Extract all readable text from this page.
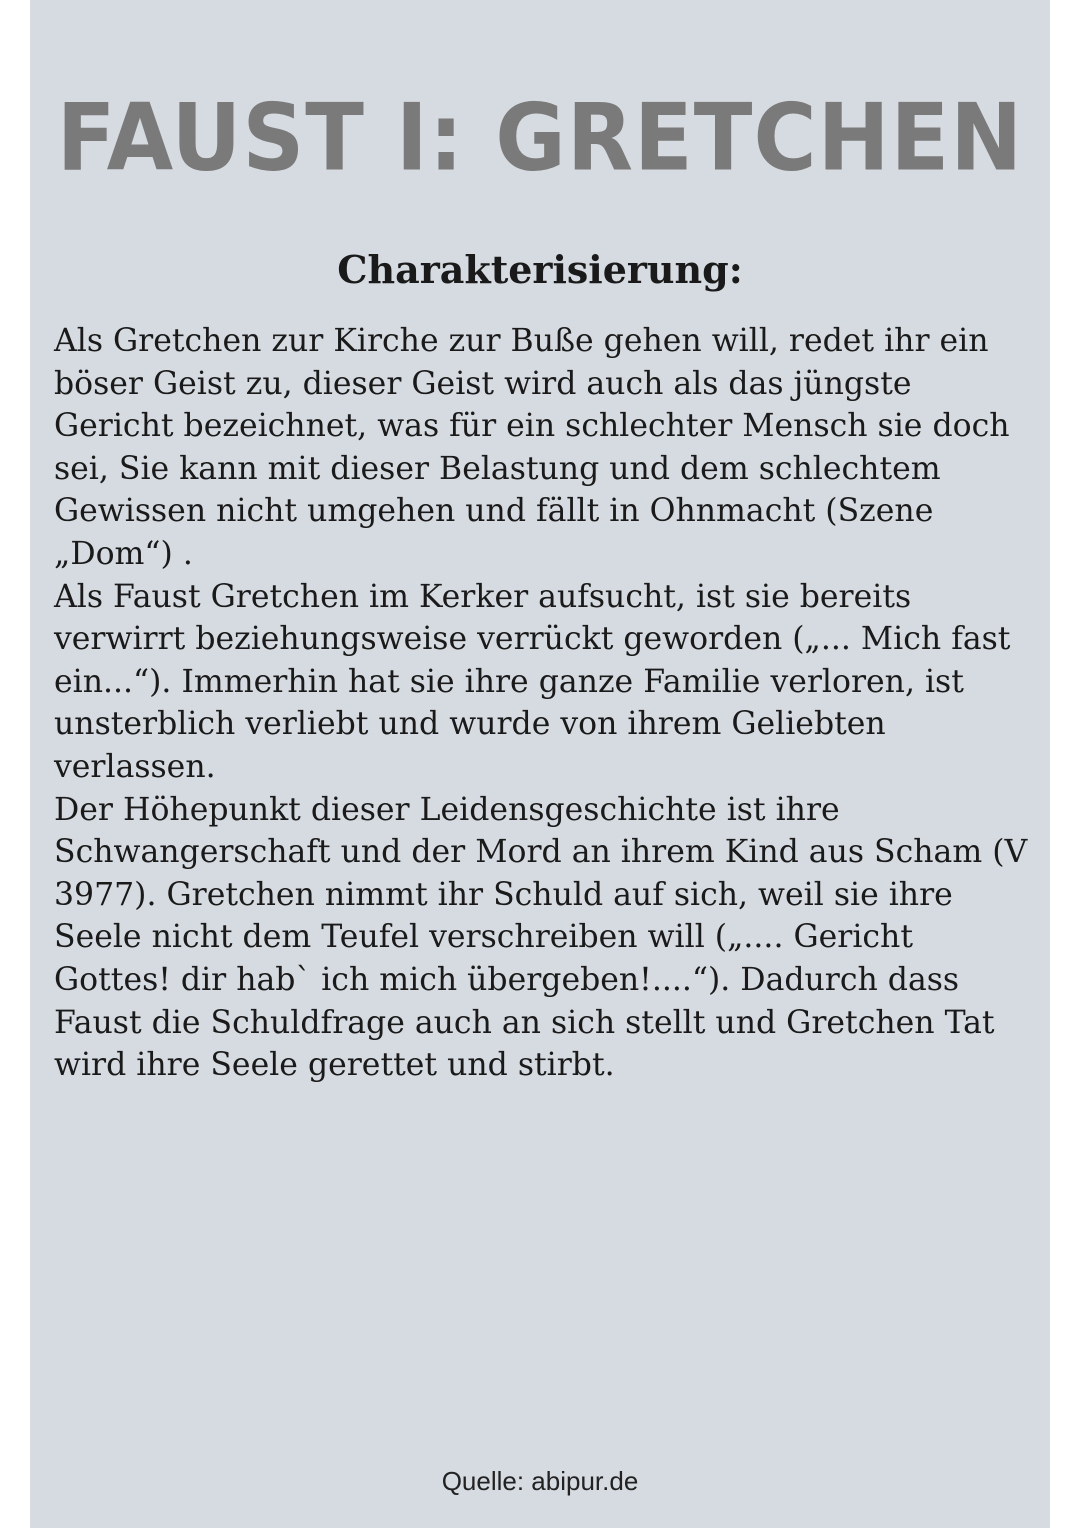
FAUST I: GRETCHEN
Charakterisierung:

Als Gretchen zur Kirche zur Buße gehen will, redet ihr ein böser Geist zu, dieser Geist wird auch als das jüngste Gericht bezeichnet, was für ein schlechter Mensch sie doch sei, Sie kann mit dieser Belastung und dem schlechtem Gewissen nicht umgehen und fällt in Ohnmacht (Szene „Dom“) .

Als Faust Gretchen im Kerker aufsucht, ist sie bereits verwirrt beziehungsweise verrückt geworden („... Mich fast ein...“). Immerhin hat sie ihre ganze Familie verloren, ist unsterblich verliebt und wurde von ihrem Geliebten verlassen.

Der Höhepunkt dieser Leidensgeschichte ist ihre Schwangerschaft und der Mord an ihrem Kind aus Scham (V 3977). Gretchen nimmt ihr Schuld auf sich, weil sie ihre Seele nicht dem Teufel verschreiben will („.... Gericht Gottes! dir hab` ich mich übergeben!....“). Dadurch dass Faust die Schuldfrage auch an sich stellt und Gretchen Tat wird ihre Seele gerettet und stirbt.

Quelle: abipur.de
